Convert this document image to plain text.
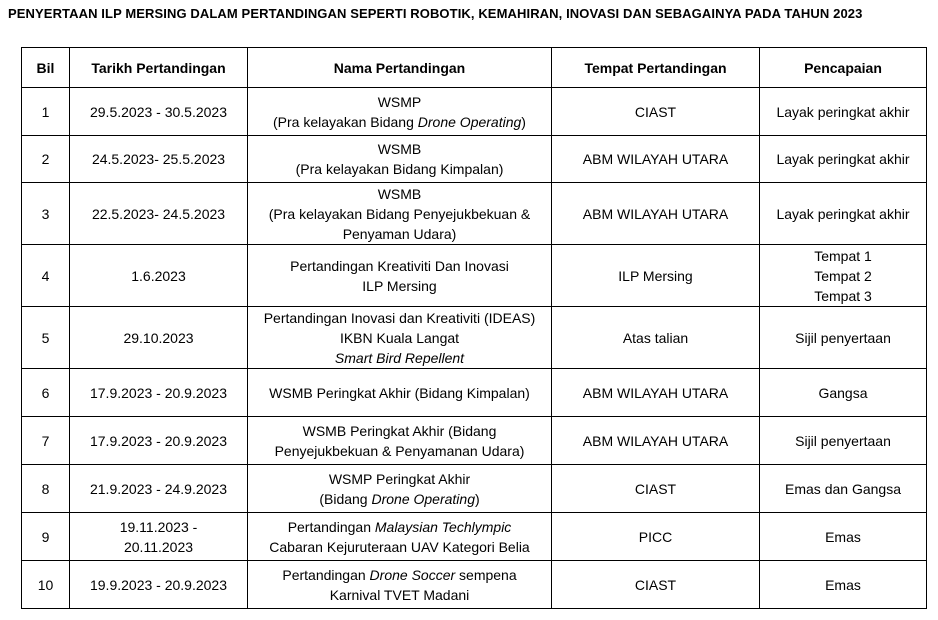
PENYERTAAN ILP MERSING DALAM PERTANDINGAN SEPERTI ROBOTIK, KEMAHIRAN, INOVASI DAN SEBAGAINYA PADA TAHUN 2023
Bil	Tarikh Pertandingan	Nama Pertandingan	Tempat Pertandingan	Pencapaian
1	29.5.2023 - 30.5.2023	WSMP
(Pra kelayakan Bidang Drone Operating)	CIAST	Layak peringkat akhir

2	24.5.2023- 25.5.2023	WSMB
(Pra kelayakan Bidang Kimpalan)	ABM WILAYAH UTARA	Layak peringkat akhir

3	22.5.2023- 24.5.2023	WSMB
(Pra kelayakan Bidang Penyejukbekuan &
Penyaman Udara)	ABM WILAYAH UTARA	Layak peringkat akhir

4	1.6.2023	Pertandingan Kreativiti Dan Inovasi
ILP Mersing	ILP Mersing	Tempat 1
Tempat 2
Tempat 3

5	29.10.2023	Pertandingan Inovasi dan Kreativiti (IDEAS)
IKBN Kuala Langat
Smart Bird Repellent	Atas talian	Sijil penyertaan

6	17.9.2023 - 20.9.2023	WSMB Peringkat Akhir (Bidang Kimpalan)	ABM WILAYAH UTARA	Gangsa

7	17.9.2023 - 20.9.2023	WSMB Peringkat Akhir (Bidang
Penyejukbekuan & Penyamanan Udara)	ABM WILAYAH UTARA	Sijil penyertaan

8	21.9.2023 - 24.9.2023	WSMP Peringkat Akhir
(Bidang Drone Operating)	CIAST	Emas dan Gangsa

9	19.11.2023 -
20.11.2023	Pertandingan Malaysian Techlympic
Cabaran Kejuruteraan UAV Kategori Belia	PICC	Emas

10	19.9.2023 - 20.9.2023	Pertandingan Drone Soccer sempena
Karnival TVET Madani	CIAST	Emas
